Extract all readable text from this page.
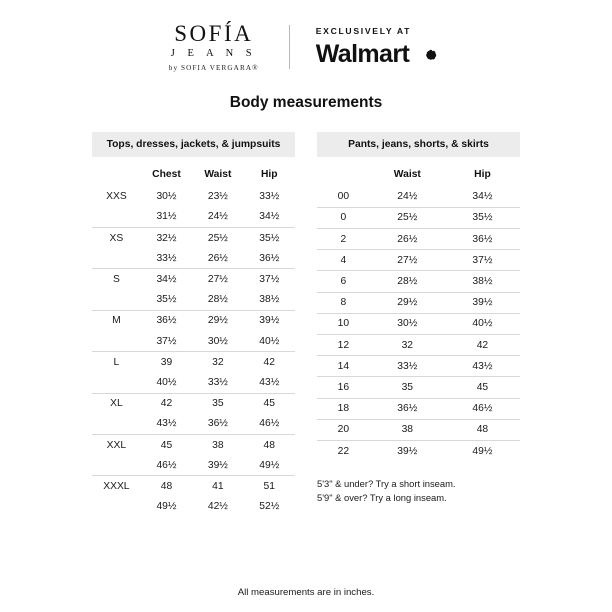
SOFÍA
J E A N S
by SOFIA VERGARA®
EXCLUSIVELY AT
Walmart
Body measurements
Tops, dresses, jackets, & jumpsuits
	Chest	Waist	Hip
XXS	30½	23½	33½
	31½	24½	34½
XS	32½	25½	35½
	33½	26½	36½
S	34½	27½	37½
	35½	28½	38½
M	36½	29½	39½
	37½	30½	40½
L	39	32	42
	40½	33½	43½
XL	42	35	45
	43½	36½	46½
XXL	45	38	48
	46½	39½	49½
XXXL	48	41	51
	49½	42½	52½
Pants, jeans, shorts, & skirts
	Waist	Hip
00	24½	34½
0	25½	35½
2	26½	36½
4	27½	37½
6	28½	38½
8	29½	39½
10	30½	40½
12	32	42
14	33½	43½
16	35	45
18	36½	46½
20	38	48
22	39½	49½
5'3" & under? Try a short inseam.
5'9" & over? Try a long inseam.
All measurements are in inches.
